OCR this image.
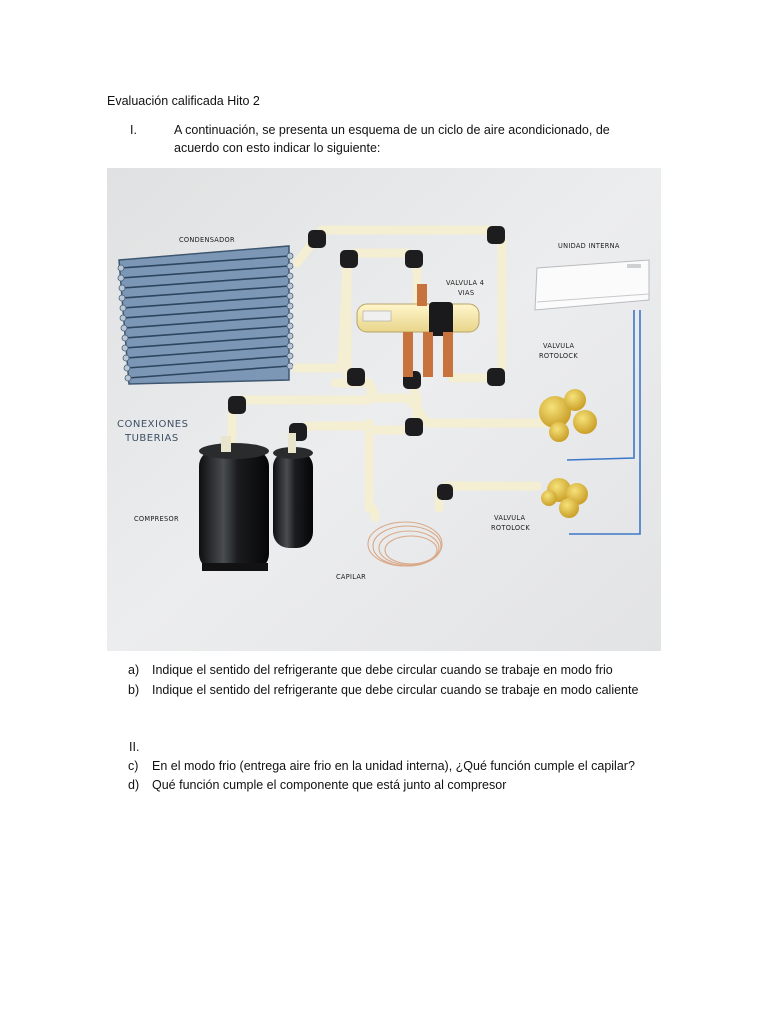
Evaluación calificada Hito 2
I.	A continuación, se presenta un esquema de un ciclo de aire acondicionado, de
acuerdo con esto indicar lo siguiente:
CONDENSADOR
UNIDAD INTERNA
VALVULA 4
VIAS
VALVULA
ROTOLOCK
CONEXIONES
TUBERIAS
COMPRESOR	VALVULA
ROTOLOCK
CAPILAR
a) Indique el sentido del refrigerante que debe circular cuando se trabaje en modo frio
b) Indique el sentido del refrigerante que debe circular cuando se trabaje en modo caliente
II.
c) En el modo frio (entrega aire frio en la unidad interna), ¿Qué función cumple el capilar?
d) Qué función cumple el componente que está junto al compresor
